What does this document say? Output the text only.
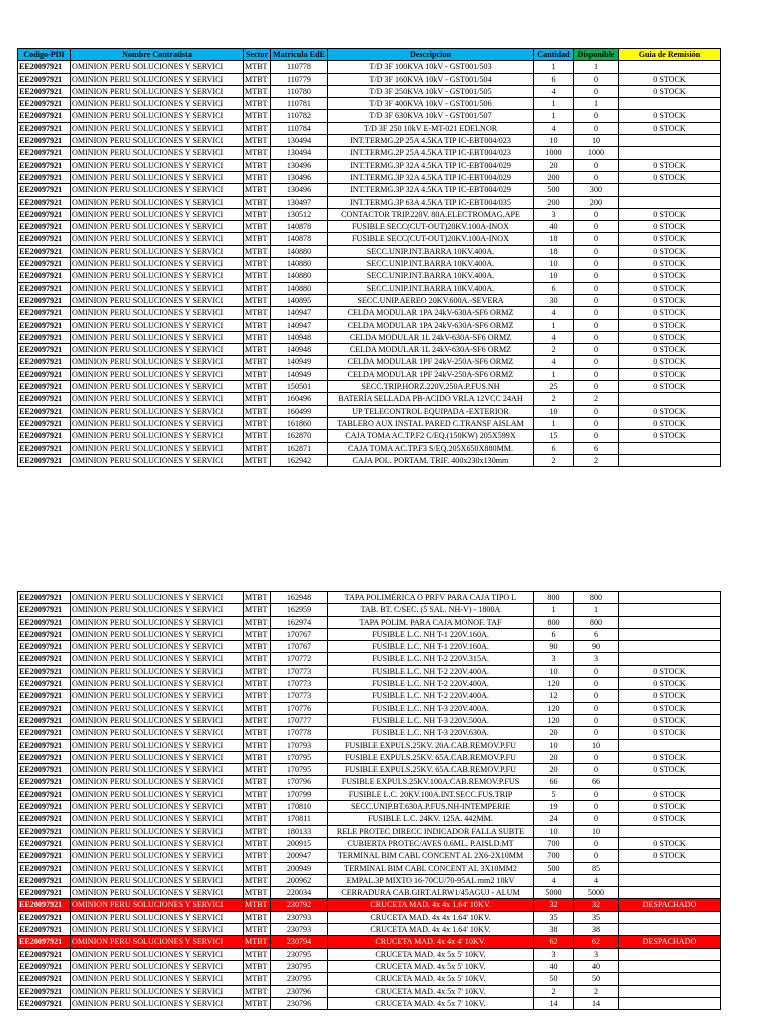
Codigo-PDI	Nombre Contratista	Sector	Matricula EdE	Descripcion	Cantidad	Disponible	Guia de Remisión
EE20097921	OMINION PERU SOLUCIONES Y SERVICI	MTBT	110778	T/D 3F 100KVA 10kV - GST001/503	1	1	
EE20097921	OMINION PERU SOLUCIONES Y SERVICI	MTBT	110779	T/D 3F 160KVA 10kV - GST001/504	6	0	0 STOCK
EE20097921	OMINION PERU SOLUCIONES Y SERVICI	MTBT	110780	T/D 3F 250KVA 10kV - GST001/505	4	0	0 STOCK
EE20097921	OMINION PERU SOLUCIONES Y SERVICI	MTBT	110781	T/D 3F 400KVA 10kV - GST001/506	1	1	
EE20097921	OMINION PERU SOLUCIONES Y SERVICI	MTBT	110782	T/D 3F 630KVA 10kV - GST001/507	1	0	0 STOCK
EE20097921	OMINION PERU SOLUCIONES Y SERVICI	MTBT	110784	T/D 3F 250 10kV E-MT-021 EDELNOR	4	0	0 STOCK
EE20097921	OMINION PERU SOLUCIONES Y SERVICI	MTBT	130494	INT.TERMG.2P 25A 4.5KA TIP IC-EBT004/023	10	10	
EE20097921	OMINION PERU SOLUCIONES Y SERVICI	MTBT	130494	INT.TERMG.2P 25A 4.5KA TIP IC-EBT004/023	1000	1000	
EE20097921	OMINION PERU SOLUCIONES Y SERVICI	MTBT	130496	INT.TERMG.3P 32A 4.5KA TIP IC-EBT004/029	20	0	0 STOCK
EE20097921	OMINION PERU SOLUCIONES Y SERVICI	MTBT	130496	INT.TERMG.3P 32A 4.5KA TIP IC-EBT004/029	200	0	0 STOCK
EE20097921	OMINION PERU SOLUCIONES Y SERVICI	MTBT	130496	INT.TERMG.3P 32A 4.5KA TIP IC-EBT004/029	500	300	
EE20097921	OMINION PERU SOLUCIONES Y SERVICI	MTBT	130497	INT.TERMG.3P 63A 4.5KA TIP IC-EBT004/035	200	200	
EE20097921	OMINION PERU SOLUCIONES Y SERVICI	MTBT	130512	CONTACTOR TRIP.220V. 80A.ELECTROMAG.APE	3	0	0 STOCK
EE20097921	OMINION PERU SOLUCIONES Y SERVICI	MTBT	140878	FUSIBLE SECC(CUT-OUT)20KV.100A-INOX	40	0	0 STOCK
EE20097921	OMINION PERU SOLUCIONES Y SERVICI	MTBT	140878	FUSIBLE SECC(CUT-OUT)20KV.100A-INOX	18	0	0 STOCK
EE20097921	OMINION PERU SOLUCIONES Y SERVICI	MTBT	140880	SECC.UNIP.INT.BARRA 10KV.400A.	18	0	0 STOCK
EE20097921	OMINION PERU SOLUCIONES Y SERVICI	MTBT	140880	SECC.UNIP.INT.BARRA 10KV.400A.	10	0	0 STOCK
EE20097921	OMINION PERU SOLUCIONES Y SERVICI	MTBT	140880	SECC.UNIP.INT.BARRA 10KV.400A.	10	0	0 STOCK
EE20097921	OMINION PERU SOLUCIONES Y SERVICI	MTBT	140880	SECC.UNIP.INT.BARRA 10KV.400A.	6	0	0 STOCK
EE20097921	OMINION PERU SOLUCIONES Y SERVICI	MTBT	140895	SECC.UNIP.AEREO 20KV.600A.-SEVERA	30	0	0 STOCK
EE20097921	OMINION PERU SOLUCIONES Y SERVICI	MTBT	140947	CELDA MODULAR 1PA 24kV-630A-SF6 ORMZ	4	0	0 STOCK
EE20097921	OMINION PERU SOLUCIONES Y SERVICI	MTBT	140947	CELDA MODULAR 1PA 24kV-630A-SF6 ORMZ	1	0	0 STOCK
EE20097921	OMINION PERU SOLUCIONES Y SERVICI	MTBT	140948	CELDA MODULAR 1L 24kV-630A-SF6 ORMZ	4	0	0 STOCK
EE20097921	OMINION PERU SOLUCIONES Y SERVICI	MTBT	140948	CELDA MODULAR 1L 24kV-630A-SF6 ORMZ	2	0	0 STOCK
EE20097921	OMINION PERU SOLUCIONES Y SERVICI	MTBT	140949	CELDA MODULAR 1PF 24kV-250A-SF6 ORMZ	4	0	0 STOCK
EE20097921	OMINION PERU SOLUCIONES Y SERVICI	MTBT	140949	CELDA MODULAR 1PF 24kV-250A-SF6 ORMZ	1	0	0 STOCK
EE20097921	OMINION PERU SOLUCIONES Y SERVICI	MTBT	150501	SECC.TRIP.HORZ.220V.250A.P.FUS.NH	25	0	0 STOCK
EE20097921	OMINION PERU SOLUCIONES Y SERVICI	MTBT	160496	BATERÍA SELLADA PB-ACIDO VRLA 12VCC 24AH	2	2	
EE20097921	OMINION PERU SOLUCIONES Y SERVICI	MTBT	160499	UP TELECONTROL EQUIPADA -EXTERIOR	10	0	0 STOCK
EE20097921	OMINION PERU SOLUCIONES Y SERVICI	MTBT	161860	TABLERO AUX INSTAL PARED C.TRANSF AISLAM	1	0	0 STOCK
EE20097921	OMINION PERU SOLUCIONES Y SERVICI	MTBT	162870	CAJA TOMA AC.TP.F2 C/EQ.(150KW) 205X599X	15	0	0 STOCK
EE20097921	OMINION PERU SOLUCIONES Y SERVICI	MTBT	162871	CAJA TOMA AC.TP.F3 S/EQ.205X650X880MM.	6	6	
EE20097921	OMINION PERU SOLUCIONES Y SERVICI	MTBT	162942	CAJA POL. PORTAM. TRIF. 400x230x130mm	2	2	
EE20097921	OMINION PERU SOLUCIONES Y SERVICI	MTBT	162948	TAPA POLIMÉRICA O PRFV PARA CAJA TIPO L	800	800	
EE20097921	OMINION PERU SOLUCIONES Y SERVICI	MTBT	162959	TAB. BT. C/SEC. (5 SAL. NH-V) - 1800A	1	1	
EE20097921	OMINION PERU SOLUCIONES Y SERVICI	MTBT	162974	TAPA POLIM. PARA CAJA MONOF. TAF	800	800	
EE20097921	OMINION PERU SOLUCIONES Y SERVICI	MTBT	170767	FUSIBLE L.C. NH T-1 220V.160A.	6	6	
EE20097921	OMINION PERU SOLUCIONES Y SERVICI	MTBT	170767	FUSIBLE L.C. NH T-1 220V.160A.	90	90	
EE20097921	OMINION PERU SOLUCIONES Y SERVICI	MTBT	170772	FUSIBLE L.C. NH T-2 220V.315A.	3	3	
EE20097921	OMINION PERU SOLUCIONES Y SERVICI	MTBT	170773	FUSIBLE L.C. NH T-2 220V.400A.	10	0	0 STOCK
EE20097921	OMINION PERU SOLUCIONES Y SERVICI	MTBT	170773	FUSIBLE L.C. NH T-2 220V.400A.	120	0	0 STOCK
EE20097921	OMINION PERU SOLUCIONES Y SERVICI	MTBT	170773	FUSIBLE L.C. NH T-2 220V.400A.	12	0	0 STOCK
EE20097921	OMINION PERU SOLUCIONES Y SERVICI	MTBT	170776	FUSIBLE L.C. NH T-3 220V.400A.	120	0	0 STOCK
EE20097921	OMINION PERU SOLUCIONES Y SERVICI	MTBT	170777	FUSIBLE L.C. NH T-3 220V.500A.	120	0	0 STOCK
EE20097921	OMINION PERU SOLUCIONES Y SERVICI	MTBT	170778	FUSIBLE L.C. NH T-3 220V.630A.	20	0	0 STOCK
EE20097921	OMINION PERU SOLUCIONES Y SERVICI	MTBT	170793	FUSIBLE EXPULS.25KV. 20A.CAB.REMOV.P.FU	10	10	
EE20097921	OMINION PERU SOLUCIONES Y SERVICI	MTBT	170795	FUSIBLE EXPULS.25KV. 65A.CAB.REMOV.P.FU	20	0	0 STOCK
EE20097921	OMINION PERU SOLUCIONES Y SERVICI	MTBT	170795	FUSIBLE EXPULS.25KV. 65A.CAB.REMOV.P.FU	20	0	0 STOCK
EE20097921	OMINION PERU SOLUCIONES Y SERVICI	MTBT	170796	FUSIBLE EXPULS.25KV.100A.CAB.REMOV.P.FUS	66	66	
EE20097921	OMINION PERU SOLUCIONES Y SERVICI	MTBT	170799	FUSIBLE L.C. 20KV.100A.INT.SECC.FUS.TRIP	5	0	0 STOCK
EE20097921	OMINION PERU SOLUCIONES Y SERVICI	MTBT	170810	SECC.UNIP.BT.630A.P.FUS.NH-INTEMPERIE	19	0	0 STOCK
EE20097921	OMINION PERU SOLUCIONES Y SERVICI	MTBT	170811	FUSIBLE L.C. 24KV. 125A. 442MM.	24	0	0 STOCK
EE20097921	OMINION PERU SOLUCIONES Y SERVICI	MTBT	180133	RELE PROTEC DIRECC INDICADOR FALLA SUBTE	10	10	
EE20097921	OMINION PERU SOLUCIONES Y SERVICI	MTBT	200915	CUBIERTA PROTEC/AVES 0.6ML. P.AISLD.MT	700	0	0 STOCK
EE20097921	OMINION PERU SOLUCIONES Y SERVICI	MTBT	200947	TERMINAL BIM CABL CONCENT AL 2X6-2X10MM	700	0	0 STOCK
EE20097921	OMINION PERU SOLUCIONES Y SERVICI	MTBT	200949	TERMINAL BIM CABL CONCENT AL 3X10MM2	500	85	
EE20097921	OMINION PERU SOLUCIONES Y SERVICI	MTBT	200962	EMPAL.3P MIXTO 16-70CU/70-95AL mm2 10kV	4	4	
EE20097921	OMINION PERU SOLUCIONES Y SERVICI	MTBT	220034	CERRADURA CAB.GIRT.AI.RW1/45AGUJ - ALUM	5000	5000	
EE20097921	OMINION PERU SOLUCIONES Y SERVICI	MTBT	230792	CRUCETA MAD. 4x 4x 1.64' 10KV.	32	32	DESPACHADO
EE20097921	OMINION PERU SOLUCIONES Y SERVICI	MTBT	230793	CRUCETA MAD. 4x 4x 1.64' 10KV.	35	35	
EE20097921	OMINION PERU SOLUCIONES Y SERVICI	MTBT	230793	CRUCETA MAD. 4x 4x 1.64' 10KV.	38	38	
EE20097921	OMINION PERU SOLUCIONES Y SERVICI	MTBT	230794	CRUCETA MAD. 4x 4x 4' 10KV.	62	62	DESPACHADO
EE20097921	OMINION PERU SOLUCIONES Y SERVICI	MTBT	230795	CRUCETA MAD. 4x 5x 5' 10KV.	3	3	
EE20097921	OMINION PERU SOLUCIONES Y SERVICI	MTBT	230795	CRUCETA MAD. 4x 5x 5' 10KV.	40	40	
EE20097921	OMINION PERU SOLUCIONES Y SERVICI	MTBT	230795	CRUCETA MAD. 4x 5x 5' 10KV.	50	50	
EE20097921	OMINION PERU SOLUCIONES Y SERVICI	MTBT	230796	CRUCETA MAD. 4x 5x 7' 10KV.	2	2	
EE20097921	OMINION PERU SOLUCIONES Y SERVICI	MTBT	230796	CRUCETA MAD. 4x 5x 7' 10KV.	14	14	
